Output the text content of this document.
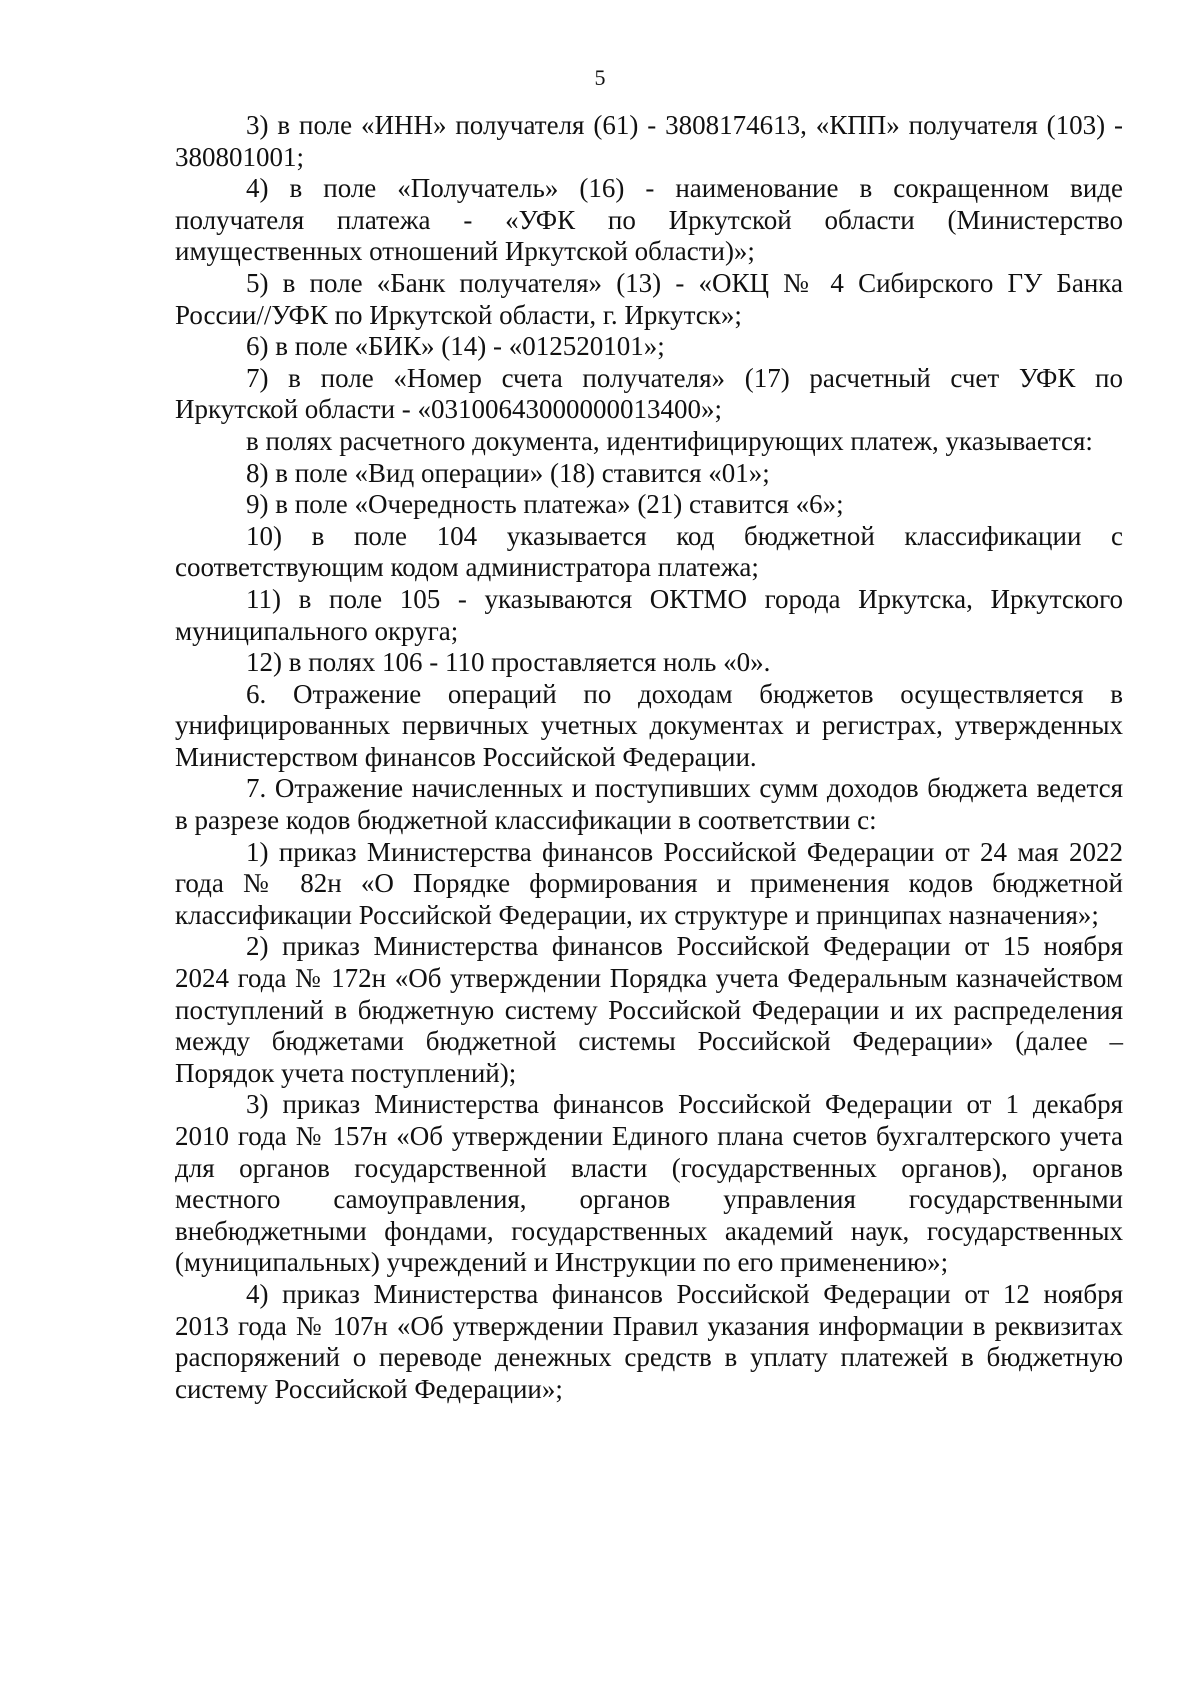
5

3) в поле «ИНН» получателя (61) - 3808174613, «КПП» получателя (103) - 380801001;

4) в поле «Получатель» (16) - наименование в сокращенном виде получателя платежа - «УФК по Иркутской области (Министерство имущественных отношений Иркутской области)»;

5) в поле «Банк получателя» (13) - «ОКЦ № 4 Сибирского ГУ Банка России//УФК по Иркутской области, г. Иркутск»;

6) в поле «БИК» (14) - «012520101»;

7) в поле «Номер счета получателя» (17) расчетный счет УФК по Иркутской области - «03100643000000013400»;

в полях расчетного документа, идентифицирующих платеж, указывается:

8) в поле «Вид операции» (18) ставится «01»;

9) в поле «Очередность платежа» (21) ставится «6»;

10) в поле 104 указывается код бюджетной классификации с соответствующим кодом администратора платежа;

11) в поле 105 - указываются ОКТМО города Иркутска, Иркутского муниципального округа;

12) в полях 106 - 110 проставляется ноль «0».

6. Отражение операций по доходам бюджетов осуществляется в унифицированных первичных учетных документах и регистрах, утвержденных Министерством финансов Российской Федерации.

7. Отражение начисленных и поступивших сумм доходов бюджета ведется в разрезе кодов бюджетной классификации в соответствии с:

1) приказ Министерства финансов Российской Федерации от 24 мая 2022 года № 82н «О Порядке формирования и применения кодов бюджетной классификации Российской Федерации, их структуре и принципах назначения»;

2) приказ Министерства финансов Российской Федерации от 15 ноября 2024 года № 172н «Об утверждении Порядка учета Федеральным казначейством поступлений в бюджетную систему Российской Федерации и их распределения между бюджетами бюджетной системы Российской Федерации» (далее – Порядок учета поступлений);

3) приказ Министерства финансов Российской Федерации от 1 декабря 2010 года № 157н «Об утверждении Единого плана счетов бухгалтерского учета для органов государственной власти (государственных органов), органов местного самоуправления, органов управления государственными внебюджетными фондами, государственных академий наук, государственных (муниципальных) учреждений и Инструкции по его применению»;

4) приказ Министерства финансов Российской Федерации от 12 ноября 2013 года № 107н «Об утверждении Правил указания информации в реквизитах распоряжений о переводе денежных средств в уплату платежей в бюджетную систему Российской Федерации»;
